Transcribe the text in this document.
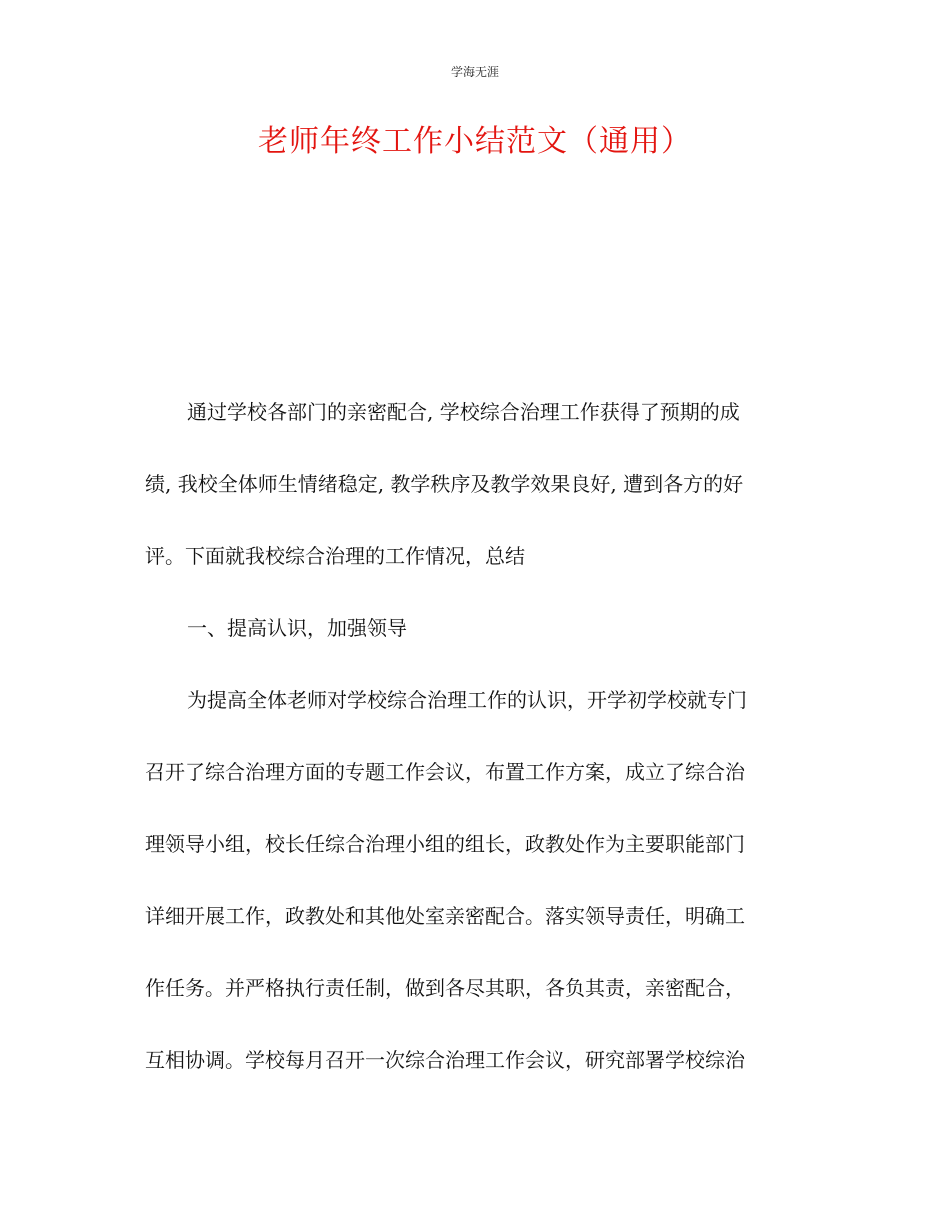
学海无涯
老师年终工作小结范文（通用）
通过学校各部门的亲密配合, 学校综合治理工作获得了预期的成
绩, 我校全体师生情绪稳定, 教学秩序及教学效果良好, 遭到各方的好
评。下面就我校综合治理的工作情况，总结
一、提高认识，加强领导
为提高全体老师对学校综合治理工作的认识，开学初学校就专门
召开了综合治理方面的专题工作会议，布置工作方案，成立了综合治
理领导小组，校长任综合治理小组的组长，政教处作为主要职能部门
详细开展工作，政教处和其他处室亲密配合。落实领导责任，明确工
作任务。并严格执行责任制，做到各尽其职，各负其责，亲密配合，
互相协调。学校每月召开一次综合治理工作会议，研究部署学校综治
